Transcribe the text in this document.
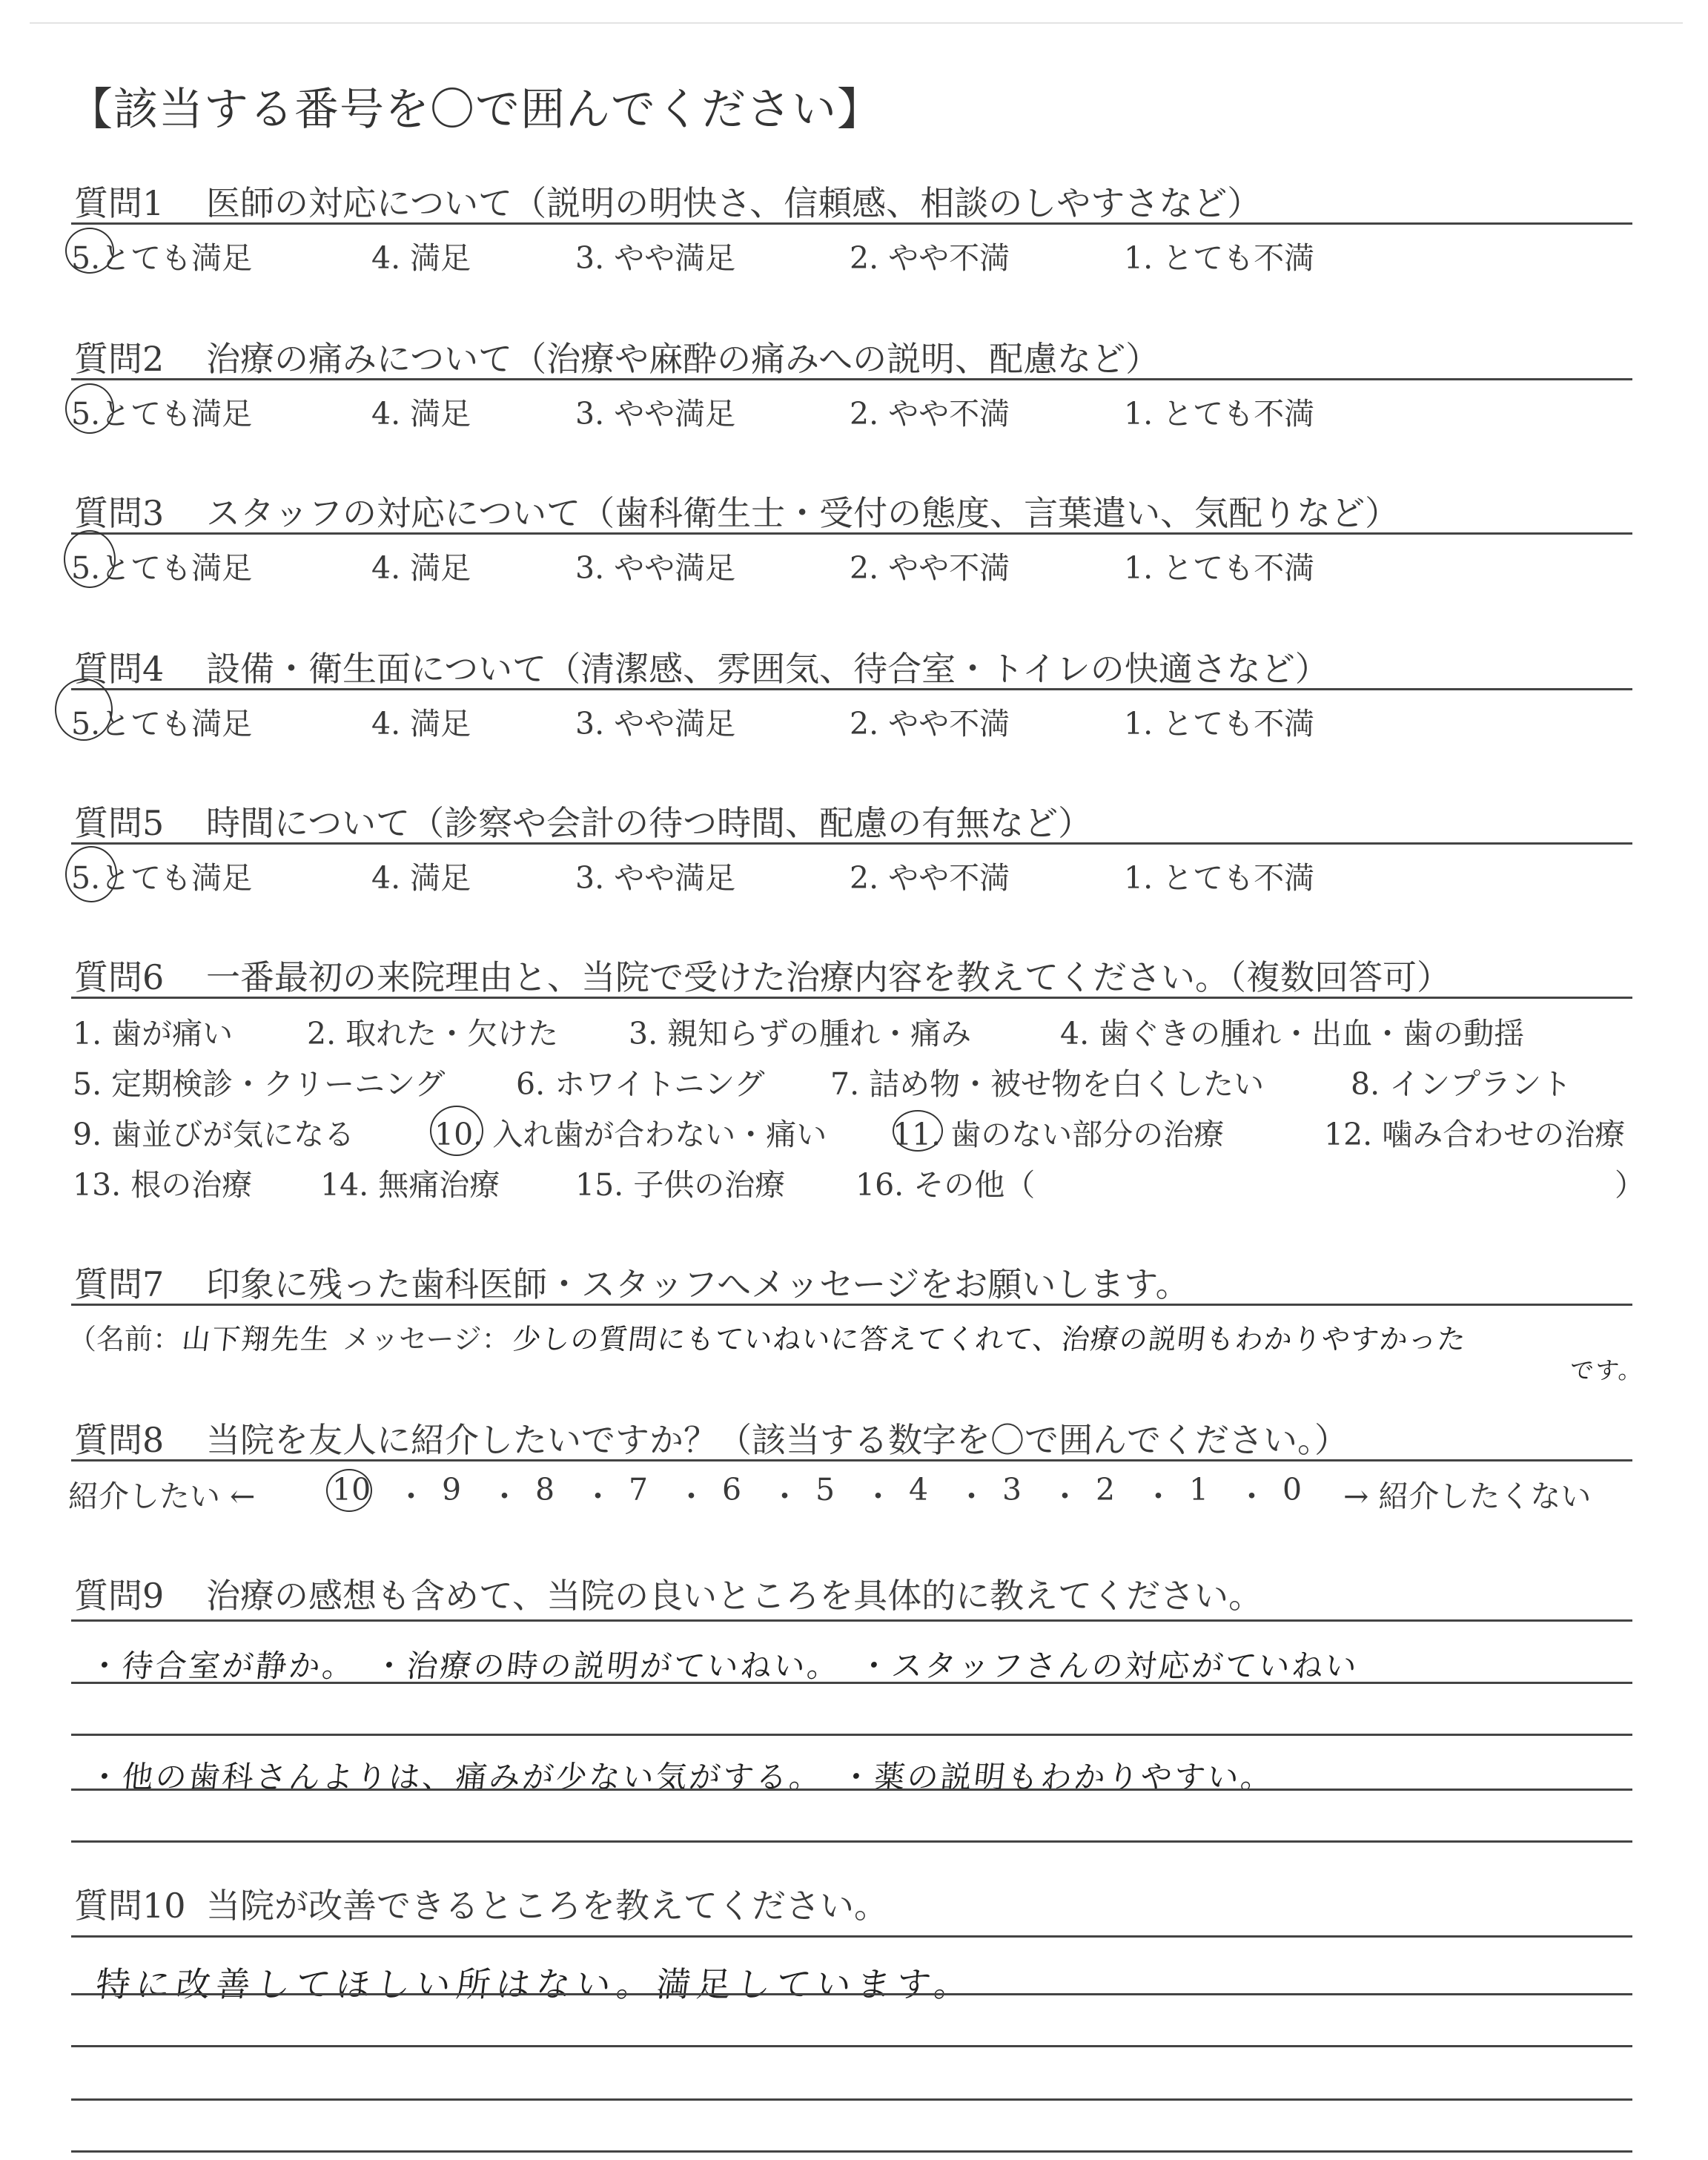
【該当する番号を〇で囲んでください】
質問1 医師の対応について（説明の明快さ、信頼感、相談のしやすさなど）
5.とても満足	4. 満足	3. やや満足	2. やや不満	1. とても不満
質問2 治療の痛みについて（治療や麻酔の痛みへの説明、配慮など）
5.とても満足	4. 満足	3. やや満足	2. やや不満	1. とても不満
質問3 スタッフの対応について（歯科衛生士・受付の態度、言葉遣い、気配りなど）
5.とても満足	4. 満足	3. やや満足	2. やや不満	1. とても不満
質問4 設備・衛生面について（清潔感、雰囲気、待合室・トイレの快適さなど）
5.とても満足	4. 満足	3. やや満足	2. やや不満	1. とても不満
質問5 時間について（診察や会計の待つ時間、配慮の有無など）
5.とても満足	4. 満足	3. やや満足	2. やや不満	1. とても不満
質問6 一番最初の来院理由と、当院で受けた治療内容を教えてください。（複数回答可）
1. 歯が痛い 2. 取れた・欠けた 3. 親知らずの腫れ・痛み	4. 歯ぐきの腫れ・出血・歯の動揺
5. 定期検診・クリーニング 6. ホワイトニング 7. 詰め物・被せ物を白くしたい	8. インプラント
9. 歯並びが気になる	10. 入れ歯が合わない・痛い 11. 歯のない部分の治療	12. 噛み合わせの治療
13. 根の治療 14. 無痛治療 15. 子供の治療 16. その他（	）
質問7 印象に残った歯科医師・スタッフへメッセージをお願いします。
（名前： 山下翔先生 メッセージ： 少しの質問にもていねいに答えてくれて、治療の説明もわかりやすかった
です。
質問8 当院を友人に紹介したいですか？（該当する数字を〇で囲んでください。）
紹介したい ←	10 ・ 9 ・ 8 ・ 7 ・ 6 ・ 5 ・ 4 ・ 3 ・ 2 ・ 1 ・ 0 → 紹介したくない
質問9 治療の感想も含めて、当院の良いところを具体的に教えてください。
・待合室が静か。　・治療の時の説明がていねい。　・スタッフさんの対応がていねい
・他の歯科さんよりは、痛みが少ない気がする。　・薬の説明もわかりやすい。
質問10 当院が改善できるところを教えてください。
特に改善してほしい所はない。満足しています。
